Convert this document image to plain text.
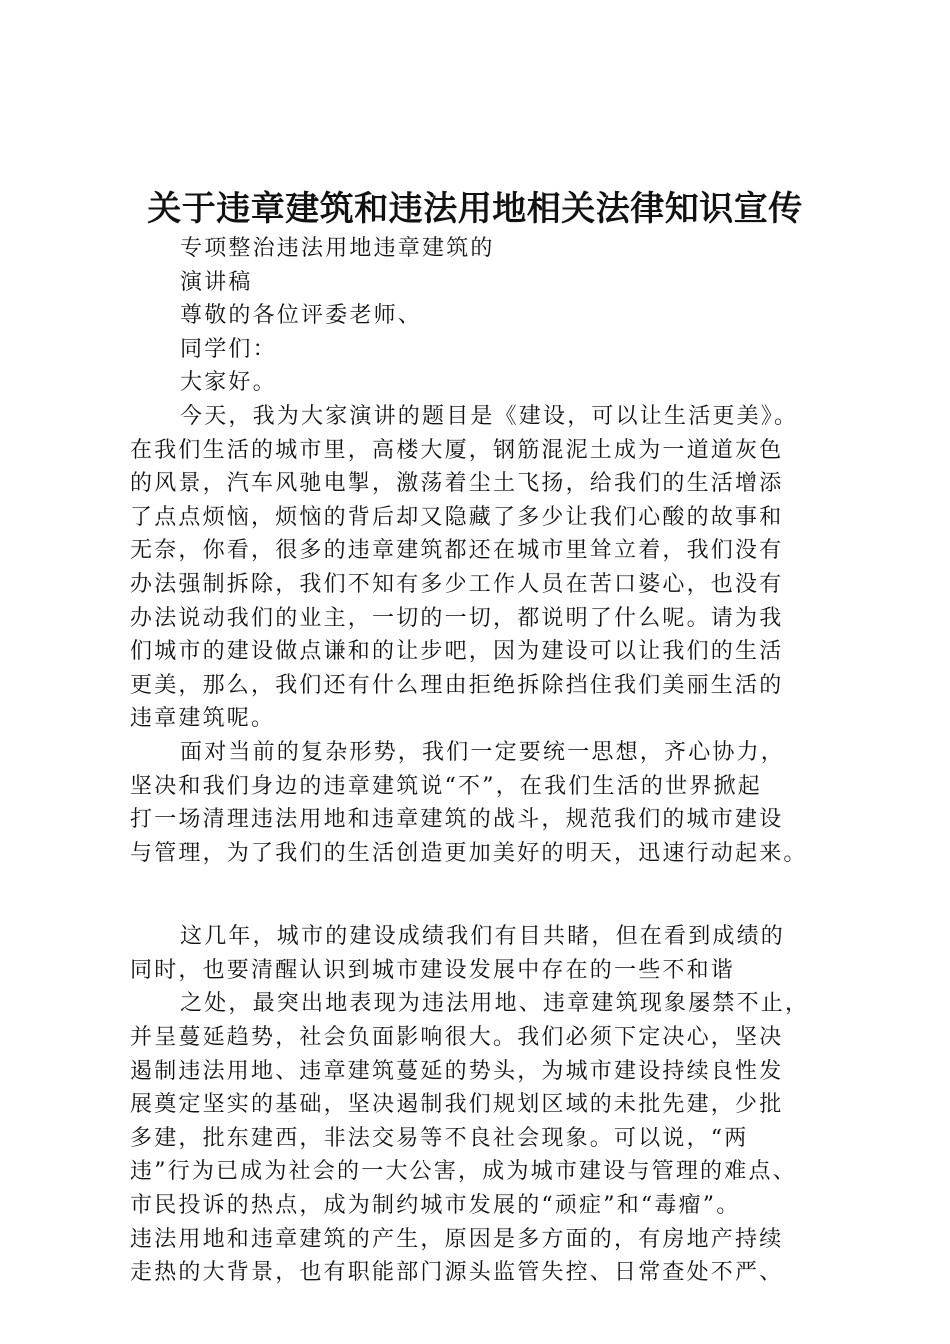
关于违章建筑和违法用地相关法律知识宣传
专项整治违法用地违章建筑的
演讲稿
尊敬的各位评委老师、
同学们：
大家好。
今天，我为大家演讲的题目是《建设，可以让生活更美》。
在我们生活的城市里，高楼大厦，钢筋混泥土成为一道道灰色
的风景，汽车风驰电掣，激荡着尘土飞扬，给我们的生活增添
了点点烦恼，烦恼的背后却又隐藏了多少让我们心酸的故事和
无奈，你看，很多的违章建筑都还在城市里耸立着，我们没有
办法强制拆除，我们不知有多少工作人员在苦口婆心，也没有
办法说动我们的业主，一切的一切，都说明了什么呢。请为我
们城市的建设做点谦和的让步吧，因为建设可以让我们的生活
更美，那么，我们还有什么理由拒绝拆除挡住我们美丽生活的
违章建筑呢。
面对当前的复杂形势，我们一定要统一思想，齐心协力，
坚决和我们身边的违章建筑说“不”，在我们生活的世界掀起
打一场清理违法用地和违章建筑的战斗，规范我们的城市建设
与管理，为了我们的生活创造更加美好的明天，迅速行动起来。
这几年，城市的建设成绩我们有目共睹，但在看到成绩的
同时，也要清醒认识到城市建设发展中存在的一些不和谐
之处，最突出地表现为违法用地、违章建筑现象屡禁不止，
并呈蔓延趋势，社会负面影响很大。我们必须下定决心，坚决
遏制违法用地、违章建筑蔓延的势头，为城市建设持续良性发
展奠定坚实的基础，坚决遏制我们规划区域的未批先建，少批
多建，批东建西，非法交易等不良社会现象。可以说，“两
违”行为已成为社会的一大公害，成为城市建设与管理的难点、
市民投诉的热点，成为制约城市发展的“顽症”和“毒瘤”。
违法用地和违章建筑的产生，原因是多方面的，有房地产持续
走热的大背景，也有职能部门源头监管失控、日常查处不严、
